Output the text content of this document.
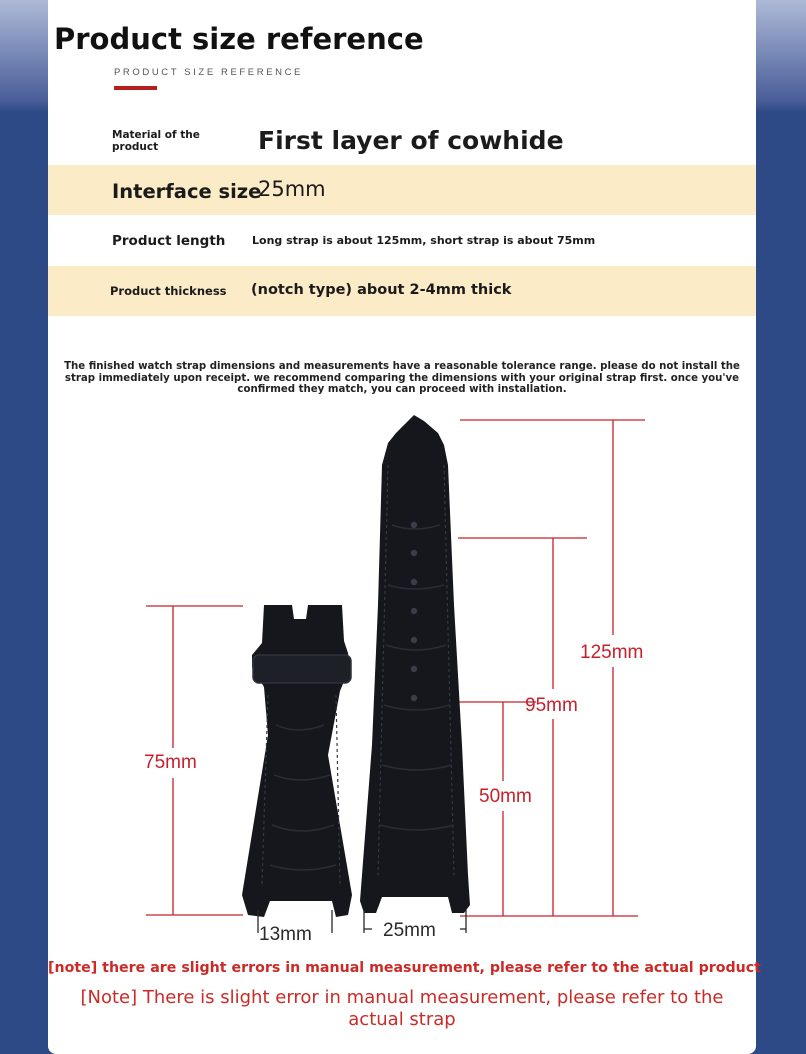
Product size reference
PRODUCT SIZE REFERENCE
Material of the product	First layer of cowhide
Interface size
25mm
Product length Long strap is about 125mm, short strap is about 75mm
Product thickness (notch type) about 2-4mm thick
The finished watch strap dimensions and measurements have a reasonable tolerance range. please do not install the strap immediately upon receipt. we recommend comparing the dimensions with your original strap first. once you've confirmed they match, you can proceed with installation.
75mm
125mm
95mm
50mm
13mm	25mm
[note] there are slight errors in manual measurement, please refer to the actual product
[Note] There is slight error in manual measurement, please refer to the actual strap
